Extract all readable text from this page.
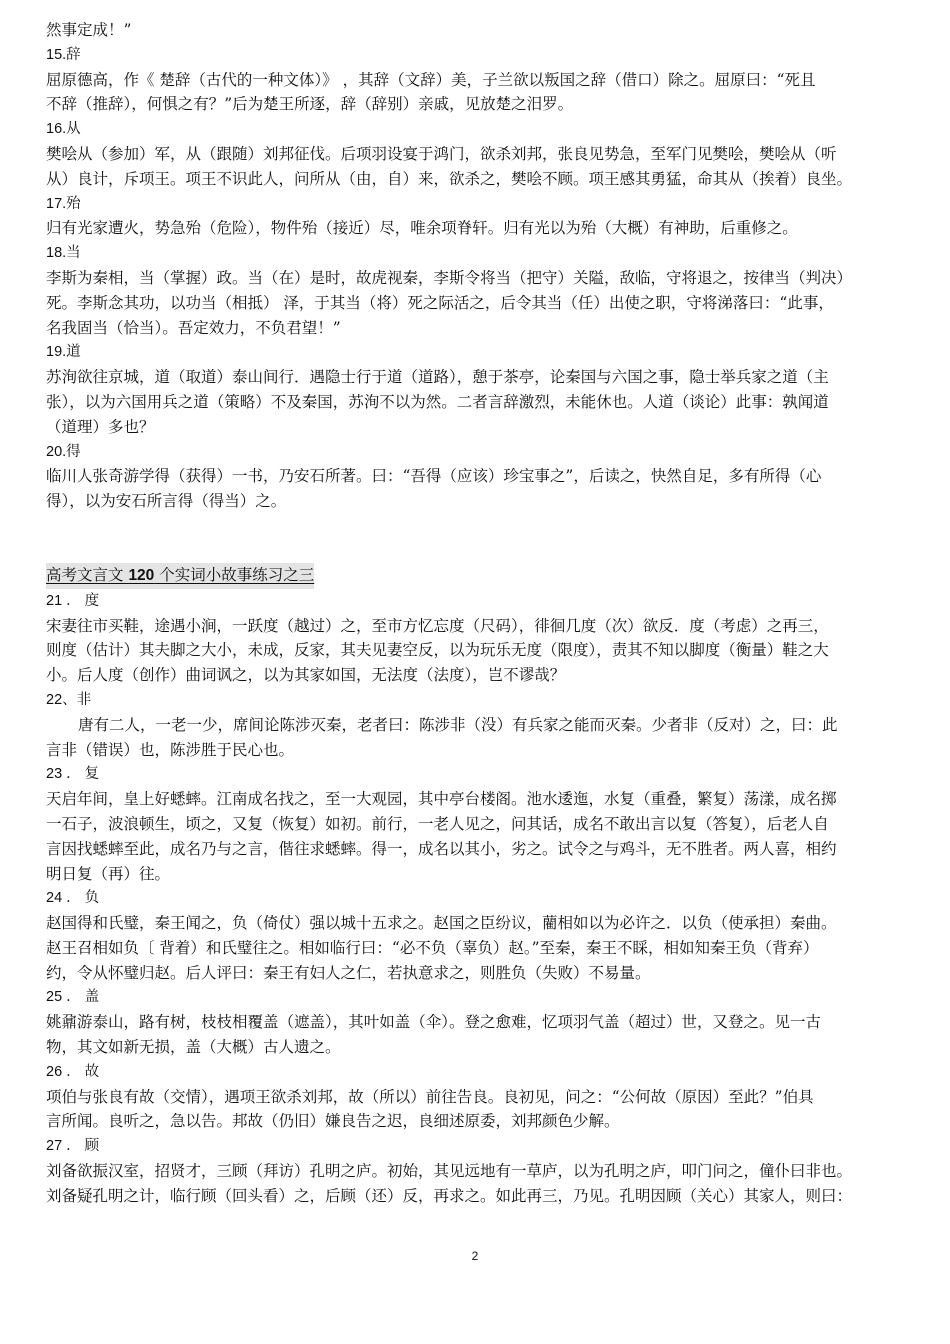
然事定成！”
15.辞
屈原德高，作《 楚辞（古代的一种文体）》 ，其辞（文辞）美，子兰欲以叛国之辞（借口）除之。屈原曰：“死且
不辞（推辞），何惧之有？”后为楚王所逐，辞（辞别）亲戚，见放楚之汨罗。
16.从
樊哙从（参加）军，从（跟随）刘邦征伐。后项羽设宴于鸿门，欲杀刘邦，张良见势急，至军门见樊哙，樊哙从（听
从）良计，斥项王。项王不识此人，问所从（由，自）来，欲杀之，樊哙不顾。项王感其勇猛，命其从（挨着）良坐。
17.殆
归有光家遭火，势急殆（危险），物件殆（接近）尽，唯余项脊轩。归有光以为殆（大概）有神助，后重修之。
18.当
李斯为秦相，当（掌握）政。当（在）是时，故虎视秦，李斯令将当（把守）关隘，敌临，守将退之，按律当（判决）
死。李斯念其功，以功当（相抵） 泽，于其当（将）死之际活之，后令其当（任）出使之职，守将涕落曰：“此事，
名我固当（恰当）。吾定效力，不负君望！”
19.道
苏洵欲往京城，道（取道）泰山间行．遇隐士行于道（道路），憩于茶亭，论秦国与六国之事，隐士举兵家之道（主
张），以为六国用兵之道（策略）不及秦国，苏洵不以为然。二者言辞激烈，未能休也。人道（谈论）此事：孰闻道
（道理）多也？
20.得
临川人张奇游学得（获得）一书，乃安石所著。曰：“吾得（应该）珍宝事之”，后读之，快然自足，多有所得（心
得），以为安石所言得（得当）之。
高考文言文 120 个实词小故事练习之三
21 ． 度
宋妻往市买鞋，途遇小涧，一跃度（越过）之，至市方忆忘度（尺码），徘徊几度（次）欲反．度（考虑）之再三，
则度（估计）其夫脚之大小，未成，反家，其夫见妻空反，以为玩乐无度（限度），责其不知以脚度（衡量）鞋之大
小。后人度（创作）曲词讽之，以为其家如国，无法度（法度），岂不谬哉？
22、非
唐有二人，一老一少，席间论陈涉灭秦，老者曰：陈涉非（没）有兵家之能而灭秦。少者非（反对）之，曰：此
言非（错误）也，陈涉胜于民心也。
23 ． 复
天启年间，皇上好蟋蟀。江南成名找之，至一大观园，其中亭台楼阁。池水逶迤，水复（重叠，繁复）荡漾，成名掷
一石子，波浪顿生，顷之，又复（恢复）如初。前行，一老人见之，问其话，成名不敢出言以复（答复），后老人自
言因找蟋蟀至此，成名乃与之言，偕往求蟋蟀。得一，成名以其小，劣之。试令之与鸡斗，无不胜者。两人喜，相约
明日复（再）往。
24 ． 负
赵国得和氏璧，秦王闻之，负（倚仗）强以城十五求之。赵国之臣纷议，藺相如以为必许之．以负（使承担）秦曲。
赵王召相如负〔 背着）和氏璧往之。相如临行曰：“必不负（辜负）赵。”至秦，秦王不睬，相如知秦王负（背弃）
约，令从怀璧归赵。后人评曰：秦王有妇人之仁，若执意求之，则胜负（失败）不易量。
25 ． 盖
姚鼐游泰山，路有树，枝枝相覆盖（遮盖），其叶如盖（伞）。登之愈难，忆项羽气盖（超过）世，又登之。见一古
物，其文如新无损，盖（大概）古人遗之。
26 ． 故
项伯与张良有故（交情），遇项王欲杀刘邦，故（所以）前往告良。良初见，问之：“公何故（原因）至此？”伯具
言所闻。良听之，急以告。邦故（仍旧）嫌良告之迟，良细述原委，刘邦颜色少解。
27 ． 顾
刘备欲振汉室，招贤才，三顾（拜访）孔明之庐。初始，其见远地有一草庐，以为孔明之庐，叩门问之，僮仆曰非也。
刘备疑孔明之计，临行顾（回头看）之，后顾（还）反，再求之。如此再三，乃见。孔明因顾（关心）其家人，则曰：
2
